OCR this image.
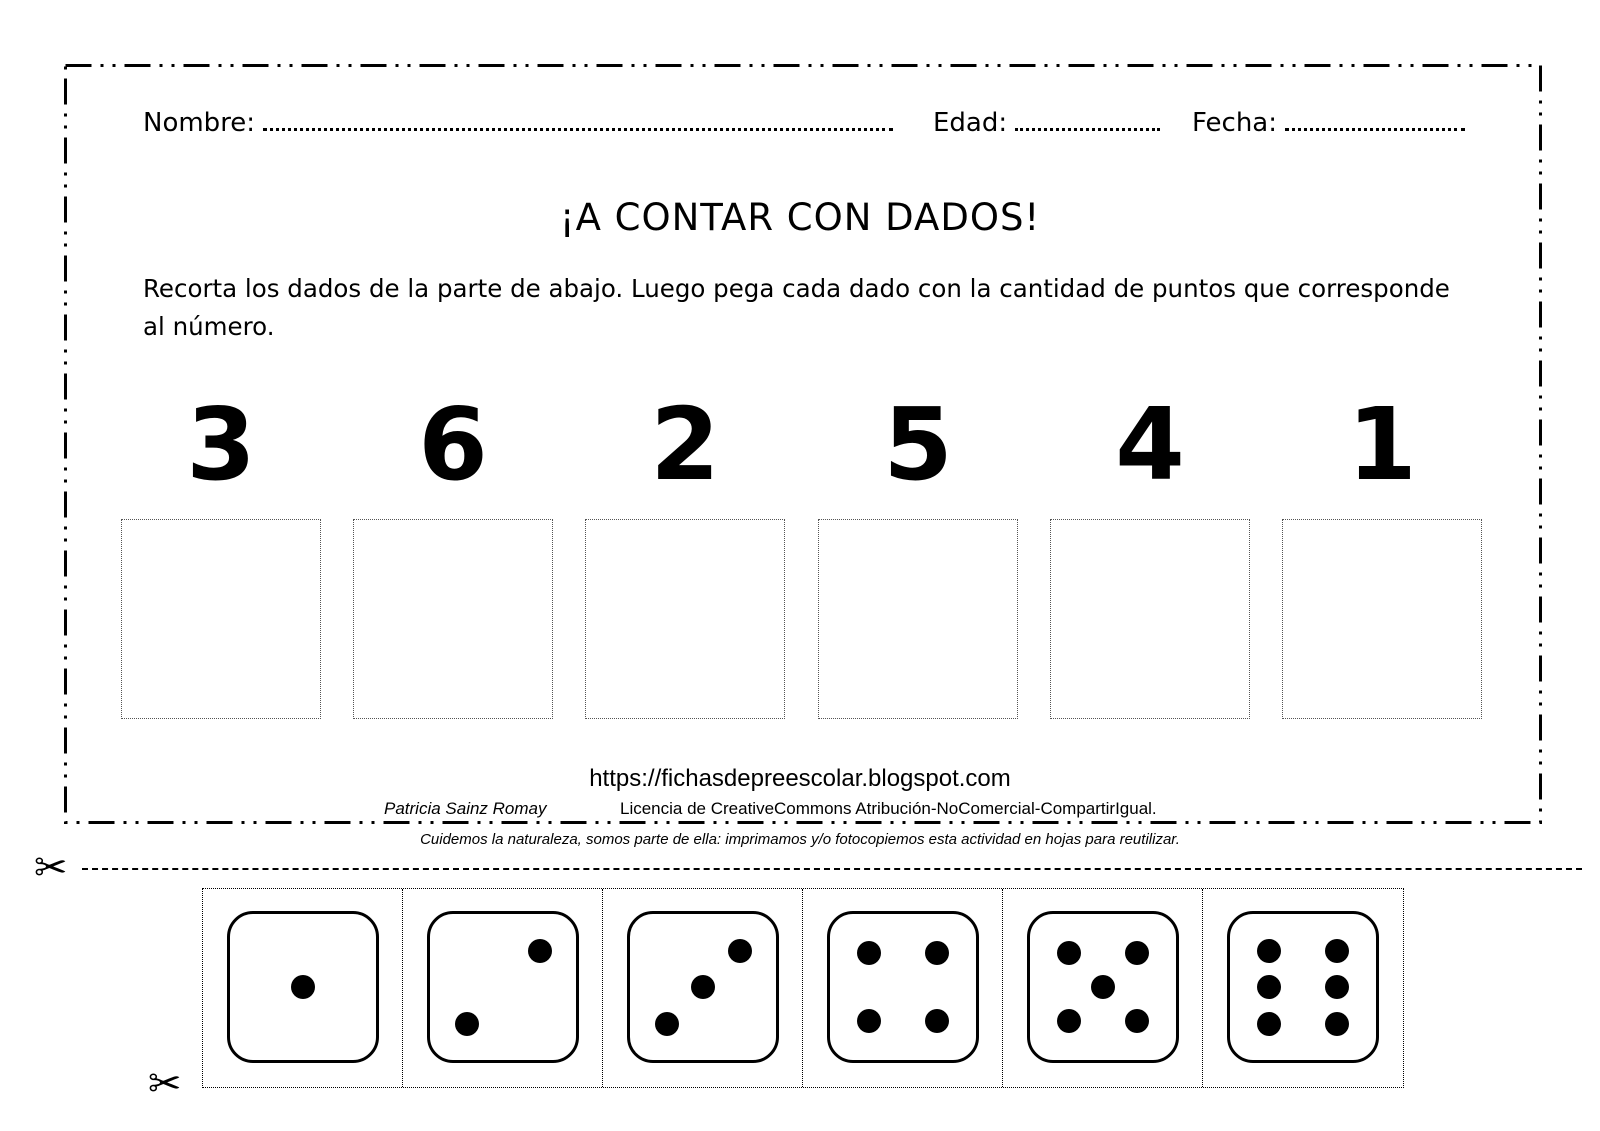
Nombre:	Edad:	Fecha:
¡A CONTAR CON DADOS!
Recorta los dados de la parte de abajo. Luego pega cada dado con la cantidad de puntos que corresponde al número.
3	6	2	5	4	1
https://fichasdepreescolar.blogspot.com
Patricia Sainz Romay	Licencia de CreativeCommons Atribución-NoComercial-CompartirIgual.
Cuidemos la naturaleza, somos parte de ella: imprimamos y/o fotocopiemos esta actividad en hojas para reutilizar.
✂
✂
